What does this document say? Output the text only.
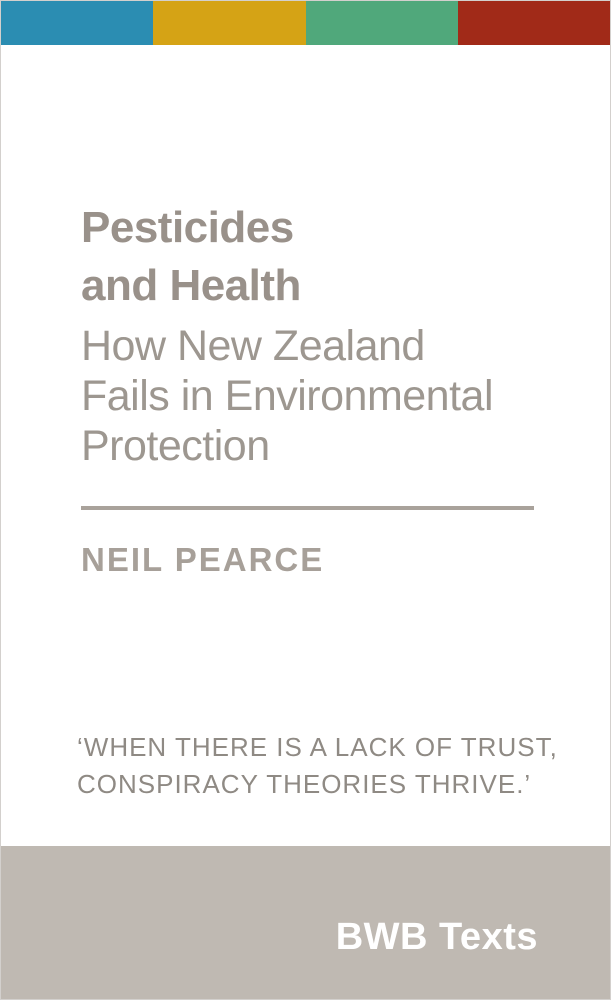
Pesticides
and Health
How New Zealand
Fails in Environmental
Protection
NEIL PEARCE
‘WHEN THERE IS A LACK OF TRUST,
CONSPIRACY THEORIES THRIVE.’
BWB Texts
